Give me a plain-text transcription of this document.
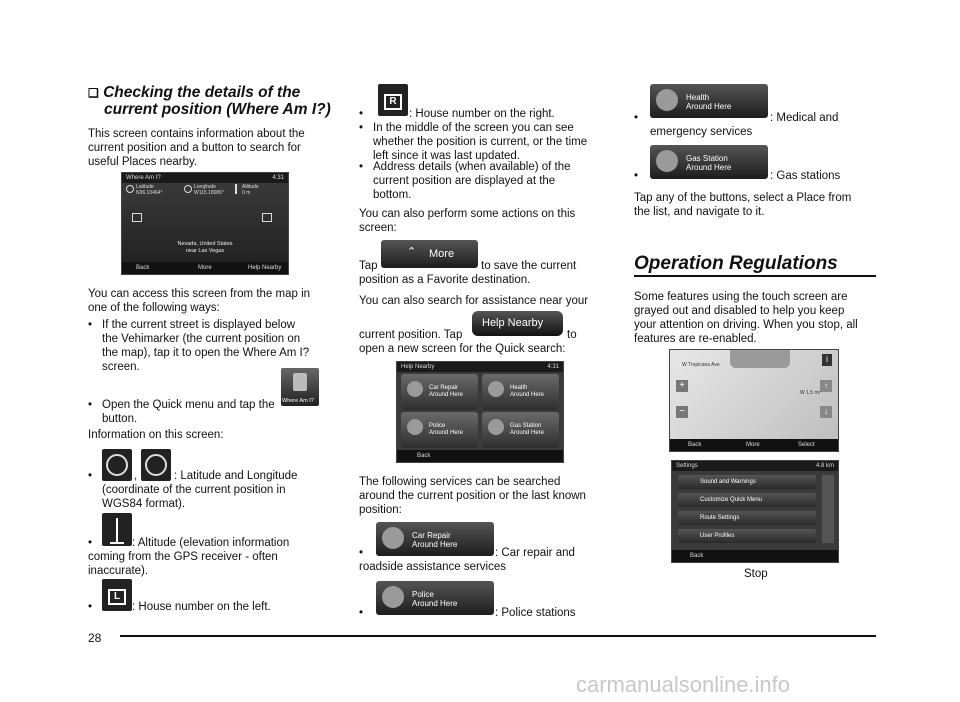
❑ Checking the details of the
current position (Where Am I?)
This screen contains information about the
current position and a button to search for
useful Places nearby.
Where Am I?	4:31
Latitude
N36.10464°
Longitude
W115.18086°
Altitude
0 m
Nevada, United States
near Las Vegas
Back	More	Help Nearby
You can access this screen from the map in
one of the following ways:
• If the current street is displayed below
the Vehimarker (the current position on
the map), tap it to open the Where Am I?
screen.
• Open the Quick menu and tap the
button.
Where Am I?
Information on this screen:
•	: Latitude and Longitude
(coordinate of the current position in
WGS84 format).
,
•	: Altitude (elevation information
coming from the GPS receiver - often
inaccurate).
•	: House number on the left.
L
•	: House number on the right.
R
• In the middle of the screen you can see
whether the position is current, or the time
left since it was last updated.
• Address details (when available) of the
current position are displayed at the
bottom.
You can also perform some actions on this
screen:
Tap
⌃ More
to save the current
position as a Favorite destination.
You can also search for assistance near your
current position. Tap
Help Nearby
to
open a new screen for the Quick search:
Help Nearby	4:31
Car Repair
Around Here
Health
Around Here
Police
Around Here
Gas Station
Around Here
Back
The following services can be searched
around the current position or the last known
position:
•	: Car repair and
roadside assistance services
Car Repair
Around Here
•	: Police stations
Police
Around Here
•	: Medical and
emergency services
Health
Around Here
•	: Gas stations
Gas Station
Around Here
Tap any of the buttons, select a Place from
the list, and navigate to it.
Operation Regulations
Some features using the touch screen are
grayed out and disabled to help you keep
your attention on driving. When you stop, all
features are re-enabled.
W Tropicana Ave
W 1.5 mi
+
−
i
↑
↓
Back	More	Select
Settings	4.8 km
Sound and Warnings
Customize Quick Menu
Route Settings
User Profiles
Back
Stop
28
carmanualsonline.info
